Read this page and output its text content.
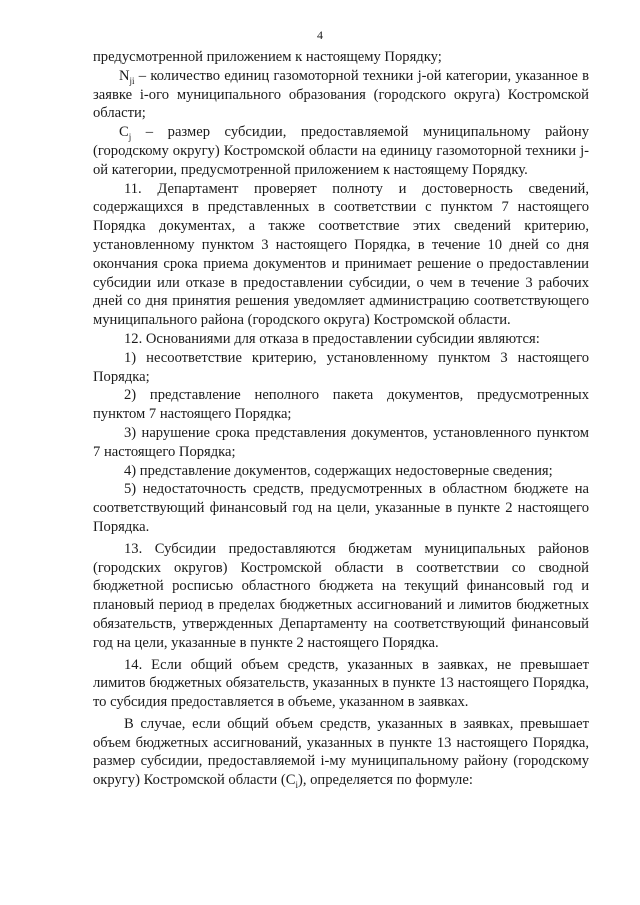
4

предусмотренной приложением к настоящему Порядку;

$N_{ji}$ – количество единиц газомоторной техники j-ой категории, указанное в заявке i-ого муниципального образования (городского округа) Костромской области;

$C_j$ – размер субсидии, предоставляемой муниципальному району (городскому округу) Костромской области на единицу газомоторной техники j-ой категории, предусмотренной приложением к настоящему Порядку.

11. Департамент проверяет полноту и достоверность сведений, содержащихся в представленных в соответствии с пунктом 7 настоящего Порядка документах, а также соответствие этих сведений критерию, установленному пунктом 3 настоящего Порядка, в течение 10 дней со дня окончания срока приема документов и принимает решение о предоставлении субсидии или отказе в предоставлении субсидии, о чем в течение 3 рабочих дней со дня принятия решения уведомляет администрацию соответствующего муниципального района (городского округа) Костромской области.

12. Основаниями для отказа в предоставлении субсидии являются:

1) несоответствие критерию, установленному пунктом 3 настоящего Порядка;

2) представление неполного пакета документов, предусмотренных пунктом 7 настоящего Порядка;

3) нарушение срока представления документов, установленного пунктом 7 настоящего Порядка;

4) представление документов, содержащих недостоверные сведения;

5) недостаточность средств, предусмотренных в областном бюджете на соответствующий финансовый год на цели, указанные в пункте 2 настоящего Порядка.

13. Субсидии предоставляются бюджетам муниципальных районов (городских округов) Костромской области в соответствии со сводной бюджетной росписью областного бюджета на текущий финансовый год и плановый период в пределах бюджетных ассигнований и лимитов бюджетных обязательств, утвержденных Департаменту на соответствующий финансовый год на цели, указанные в пункте 2 настоящего Порядка.

14. Если общий объем средств, указанных в заявках, не превышает лимитов бюджетных обязательств, указанных в пункте 13 настоящего Порядка, то субсидия предоставляется в объеме, указанном в заявках.

В случае, если общий объем средств, указанных в заявках, превышает объем бюджетных ассигнований, указанных в пункте 13 настоящего Порядка, размер субсидии, предоставляемой i-му муниципальному району (городскому округу) Костромской области $(C_i)$, определяется по формуле:
